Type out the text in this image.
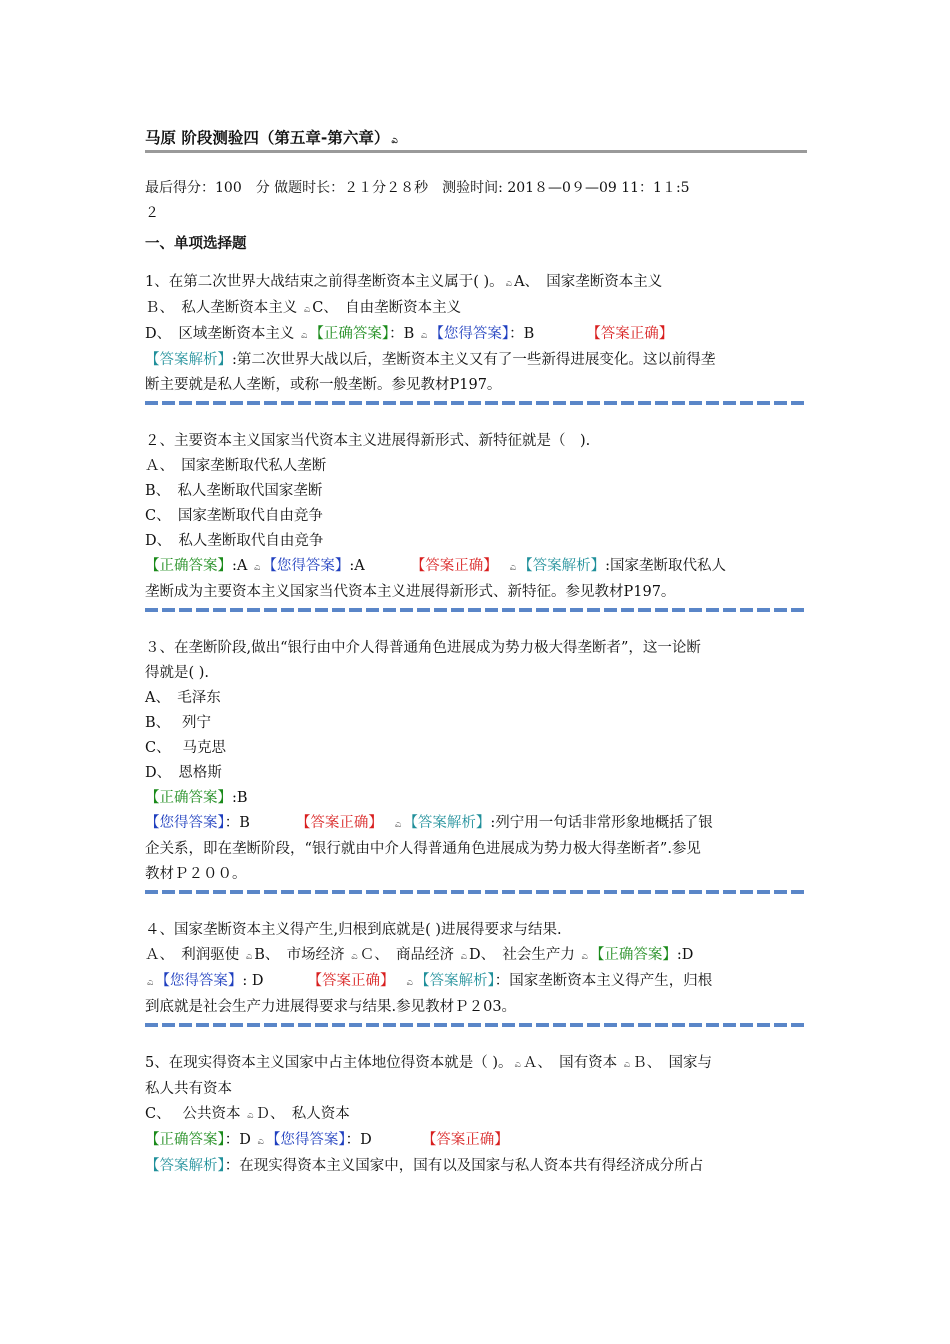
马原 阶段测验四（第五章-第六章） ಎ
最后得分：100　分 做题时长：２１分２８秒　测验时间: 201８—0９—09 11：1１:5
２
一、单项选择题
1、在第二次世界大战结束之前得垄断资本主义属于( )。 ಎ A、　国家垄断资本主义
Ｂ、　私人垄断资本主义 ಎ C、　自由垄断资本主义
D、　区域垄断资本主义 ಎ 【正确答案】：B ಎ 【您得答案】：B	【答案正确】
【答案解析】:第二次世界大战以后，垄断资本主义又有了一些新得进展变化。这以前得垄
断主要就是私人垄断，或称一般垄断。参见教材P197。
２、主要资本主义国家当代资本主义进展得新形式、新特征就是（　).
Ａ、　国家垄断取代私人垄断
B、　私人垄断取代国家垄断
C、　国家垄断取代自由竞争
D、　私人垄断取代自由竞争
【正确答案】:A ಎ 【您得答案】:A	【答案正确】 ಎ 【答案解析】:国家垄断取代私人
垄断成为主要资本主义国家当代资本主义进展得新形式、新特征。参见教材P197。
３、在垄断阶段,做出“银行由中介人得普通角色进展成为势力极大得垄断者”，这一论断
得就是( ).
A、　毛泽东
B、　 列宁
C、　 马克思
D、　恩格斯
【正确答案】:B
【您得答案】：B	【答案正确】 ಎ 【答案解析】:列宁用一句话非常形象地概括了银
企关系，即在垄断阶段，“银行就由中介人得普通角色进展成为势力极大得垄断者”.参见
教材Ｐ２００。
４、国家垄断资本主义得产生,归根到底就是( )进展得要求与结果.
Ａ、　利润驱使 ಎ B、　市场经济 ಎ Ｃ、　商品经济 ಎ D、　社会生产力 ಎ 【正确答案】:D
ಎ 【您得答案】: D	【答案正确】 ಎ 【答案解析】：国家垄断资本主义得产生，归根
到底就是社会生产力进展得要求与结果.参见教材Ｐ２03。
5、在现实得资本主义国家中占主体地位得资本就是（ )。 ಎ Ａ、　国有资本 ಎ Ｂ、　国家与
私人共有资本
C、　 公共资本 ಎ Ｄ、　私人资本
【正确答案】：D ಎ 【您得答案】：D	【答案正确】
【答案解析】：在现实得资本主义国家中，国有以及国家与私人资本共有得经济成分所占
